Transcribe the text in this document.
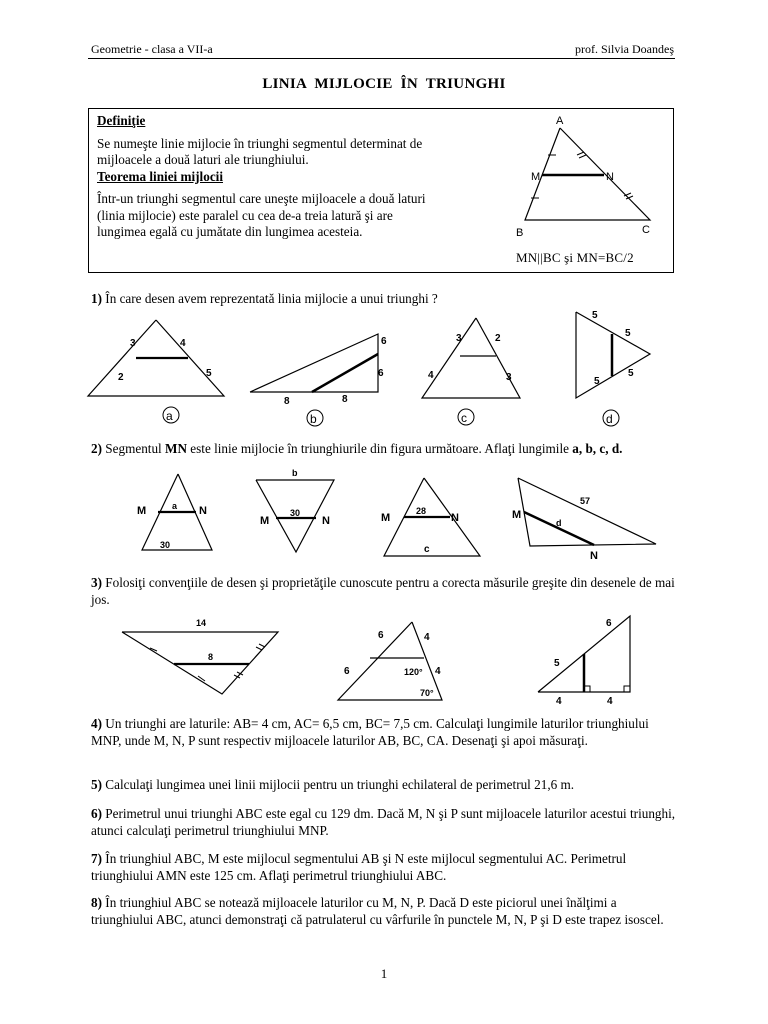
Geometrie - clasa a VII-a	prof. Silvia Doandeş
LINIA MIJLOCIE ÎN TRIUNGHI

Definiţie

Se numeşte linie mijlocie în triunghi segmentul determinat de mijloacele a două laturi ale triunghiului.

Teorema liniei mijlocii

Într-un triunghi segmentul care uneşte mijloacele a două laturi (linia mijlocie) este paralel cu cea de-a treia latură şi are lungimea egală cu jumătate din lungimea acesteia.

A
B	C
M	N
MN||BC şi MN=BC/2
1) În care desen avem reprezentată linia mijlocie a unui triunghi ?
3	4
2	5
a
6
6
8	8
b
3	2
4	3
c
5
5
5
5
d
2) Segmentul MN este linie mijlocie în triunghiurile din figura următoare. Aflaţi lungimile a, b, c, d.
M	N
a
30
b
M	N
30	M	N
28
c
M
N
d
57
3) Folosiţi convenţiile de desen şi proprietăţile cunoscute pentru a corecta măsurile greşite din desenele de mai jos.
14
8
6	4
6	4
120°
70°
6
5
4	4
4) Un triunghi are laturile: AB= 4 cm, AC= 6,5 cm, BC= 7,5 cm. Calculaţi lungimile laturilor triunghiului MNP, unde M, N, P sunt respectiv mijloacele laturilor AB, BC, CA. Desenaţi şi apoi măsuraţi.
5) Calculaţi lungimea unei linii mijlocii pentru un triunghi echilateral de perimetrul 21,6 m.
6) Perimetrul unui triunghi ABC este egal cu 129 dm. Dacă M, N şi P sunt mijloacele laturilor acestui triunghi, atunci calculaţi perimetrul triunghiului MNP.
7) În triunghiul ABC, M este mijlocul segmentului AB şi N este mijlocul segmentului AC. Perimetrul triunghiului AMN este 125 cm. Aflaţi perimetrul triunghiului ABC.
8) În triunghiul ABC se notează mijloacele laturilor cu M, N, P. Dacă D este piciorul unei înălţimi a triunghiului ABC, atunci demonstraţi că patrulaterul cu vârfurile în punctele M, N, P şi D este trapez isoscel.
1
